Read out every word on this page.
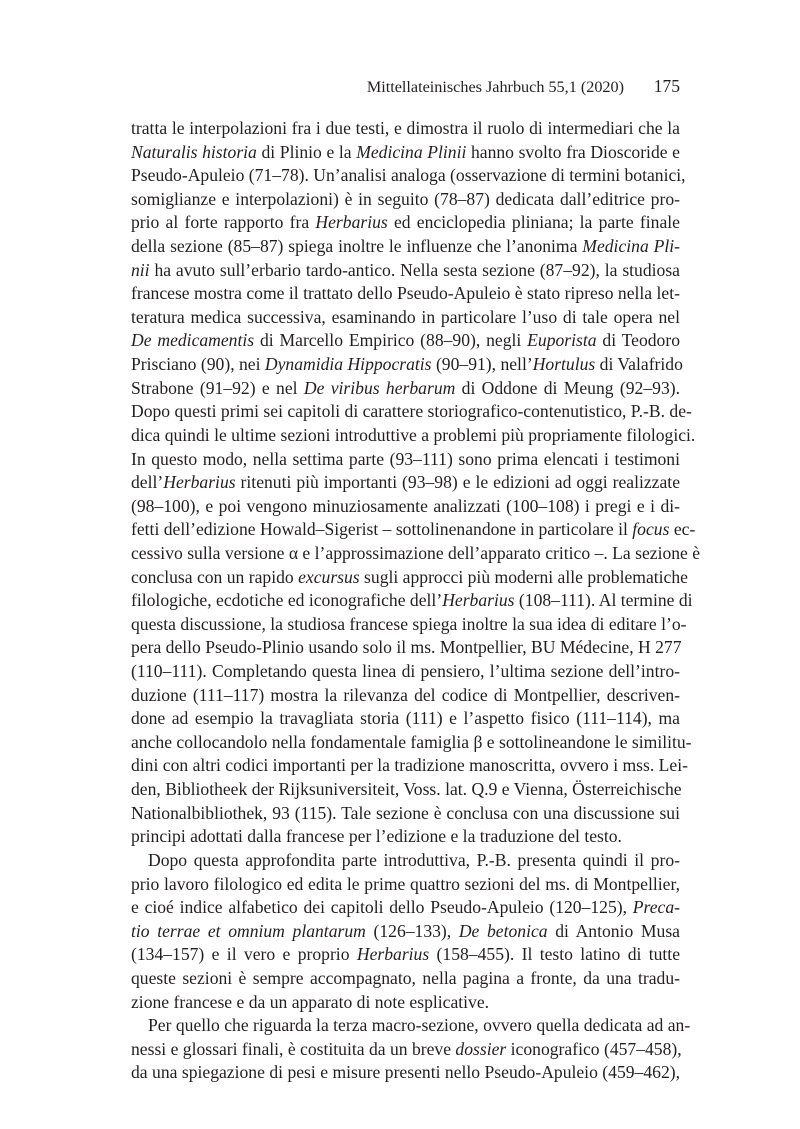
Mittellateinisches Jahrbuch 55,1 (2020) 175
tratta le interpolazioni fra i due testi, e dimostra il ruolo di intermediari che la
Naturalis historia di Plinio e la Medicina Plinii hanno svolto fra Dioscoride e
Pseudo-Apuleio (71–78). Un’analisi analoga (osservazione di termini botanici,
somiglianze e interpolazioni) è in seguito (78–87) dedicata dall’editrice pro-
prio al forte rapporto fra Herbarius ed enciclopedia pliniana; la parte finale
della sezione (85–87) spiega inoltre le influenze che l’anonima Medicina Pli-
nii ha avuto sull’erbario tardo-antico. Nella sesta sezione (87–92), la studiosa
francese mostra come il trattato dello Pseudo-Apuleio è stato ripreso nella let-
teratura medica successiva, esaminando in particolare l’uso di tale opera nel
De medicamentis di Marcello Empirico (88–90), negli Euporista di Teodoro
Prisciano (90), nei Dynamidia Hippocratis (90–91), nell’Hortulus di Valafrido
Strabone (91–92) e nel De viribus herbarum di Oddone di Meung (92–93).
Dopo questi primi sei capitoli di carattere storiografico-contenutistico, P.-B. de-
dica quindi le ultime sezioni introduttive a problemi più propriamente filologici.
In questo modo, nella settima parte (93–111) sono prima elencati i testimoni
dell’Herbarius ritenuti più importanti (93–98) e le edizioni ad oggi realizzate
(98–100), e poi vengono minuziosamente analizzati (100–108) i pregi e i di-
fetti dell’edizione Howald–Sigerist – sottolinenandone in particolare il focus ec-
cessivo sulla versione α e l’approssimazione dell’apparato critico –. La sezione è
conclusa con un rapido excursus sugli approcci più moderni alle problematiche
filologiche, ecdotiche ed iconografiche dell’Herbarius (108–111). Al termine di
questa discussione, la studiosa francese spiega inoltre la sua idea di editare l’o-
pera dello Pseudo-Plinio usando solo il ms. Montpellier, BU Médecine, H 277
(110–111). Completando questa linea di pensiero, l’ultima sezione dell’intro-
duzione (111–117) mostra la rilevanza del codice di Montpellier, descriven-
done ad esempio la travagliata storia (111) e l’aspetto fisico (111–114), ma
anche collocandolo nella fondamentale famiglia β e sottolineandone le similitu-
dini con altri codici importanti per la tradizione manoscritta, ovvero i mss. Lei-
den, Bibliotheek der Rijksuniversiteit, Voss. lat. Q.9 e Vienna, Österreichische
Nationalbibliothek, 93 (115). Tale sezione è conclusa con una discussione sui
principi adottati dalla francese per l’edizione e la traduzione del testo.
Dopo questa approfondita parte introduttiva, P.-B. presenta quindi il pro-
prio lavoro filologico ed edita le prime quattro sezioni del ms. di Montpellier,
e cioé indice alfabetico dei capitoli dello Pseudo-Apuleio (120–125), Preca-
tio terrae et omnium plantarum (126–133), De betonica di Antonio Musa
(134–157) e il vero e proprio Herbarius (158–455). Il testo latino di tutte
queste sezioni è sempre accompagnato, nella pagina a fronte, da una tradu-
zione francese e da un apparato di note esplicative.
Per quello che riguarda la terza macro-sezione, ovvero quella dedicata ad an-
nessi e glossari finali, è costituita da un breve dossier iconografico (457–458),
da una spiegazione di pesi e misure presenti nello Pseudo-Apuleio (459–462),
